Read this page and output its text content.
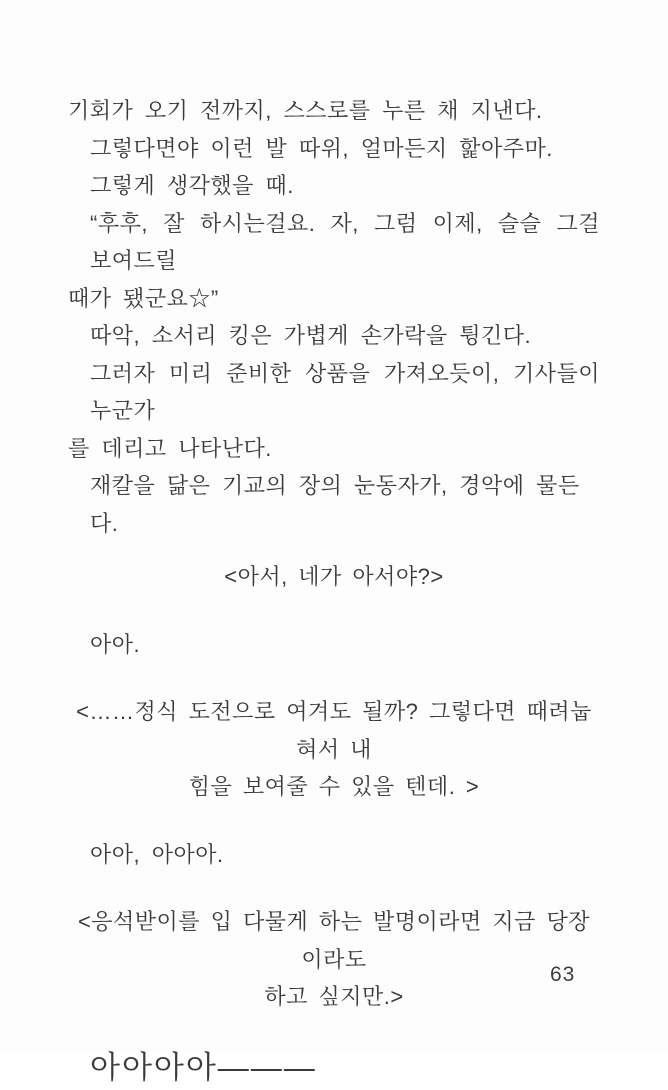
기회가 오기 전까지, 스스로를 누른 채 지낸다.
그렇다면야 이런 발 따위, 얼마든지 핥아주마.
그렇게 생각했을 때.
“후후, 잘 하시는걸요. 자, 그럼 이제, 슬슬 그걸 보여드릴
때가 됐군요☆”
따악, 소서리 킹은 가볍게 손가락을 튕긴다.
그러자 미리 준비한 상품을 가져오듯이, 기사들이 누군가
를 데리고 나타난다.
재칼을 닮은 기교의 장의 눈동자가, 경악에 물든다.
<아서, 네가 아서야?>
아아.
<……정식 도전으로 여겨도 될까? 그렇다면 때려눕혀서 내
힘을 보여줄 수 있을 텐데. >
아아, 아아아.
<응석받이를 입 다물게 하는 발명이라면 지금 당장이라도
하고 싶지만.>
아아아아———
63
